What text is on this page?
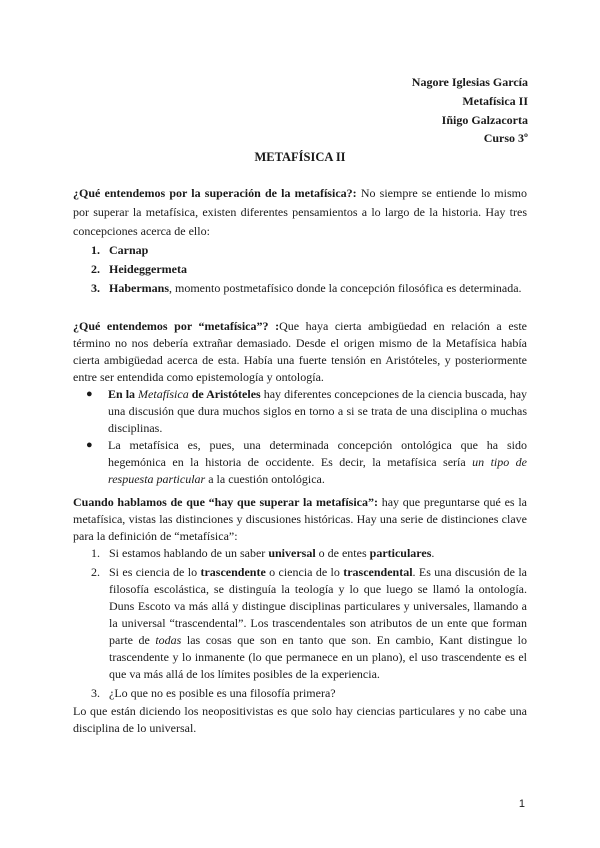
Nagore Iglesias García
Metafísica II
Iñigo Galzacorta
Curso 3º
METAFÍSICA II

¿Qué entendemos por la superación de la metafísica?: No siempre se entiende lo mismo por superar la metafísica, existen diferentes pensamientos a lo largo de la historia. Hay tres concepciones acerca de ello:

1. Carnap
2. Heideggermeta
3. Habermans, momento postmetafísico donde la concepción filosófica es determinada.

¿Qué entendemos por “metafísica”? :Que haya cierta ambigüedad en relación a este término no nos debería extrañar demasiado. Desde el origen mismo de la Metafísica había cierta ambigüedad acerca de esta. Había una fuerte tensión en Aristóteles, y posteriormente entre ser entendida como epistemología y ontología.

● En la Metafísica de Aristóteles hay diferentes concepciones de la ciencia buscada, hay una discusión que dura muchos siglos en torno a si se trata de una disciplina o muchas disciplinas.
● La metafísica es, pues, una determinada concepción ontológica que ha sido hegemónica en la historia de occidente. Es decir, la metafísica sería un tipo de respuesta particular a la cuestión ontológica.

Cuando hablamos de que “hay que superar la metafísica”: hay que preguntarse qué es la metafísica, vistas las distinciones y discusiones históricas. Hay una serie de distinciones clave para la definición de “metafísica”:

1. Si estamos hablando de un saber universal o de entes particulares.
2. Si es ciencia de lo trascendente o ciencia de lo trascendental. Es una discusión de la filosofía escolástica, se distinguía la teología y lo que luego se llamó la ontología. Duns Escoto va más allá y distingue disciplinas particulares y universales, llamando a la universal “trascendental”. Los trascendentales son atributos de un ente que forman parte de todas las cosas que son en tanto que son. En cambio, Kant distingue lo trascendente y lo inmanente (lo que permanece en un plano), el uso trascendente es el que va más allá de los límites posibles de la experiencia.
3. ¿Lo que no es posible es una filosofía primera?

Lo que están diciendo los neopositivistas es que solo hay ciencias particulares y no cabe una disciplina de lo universal.

1
